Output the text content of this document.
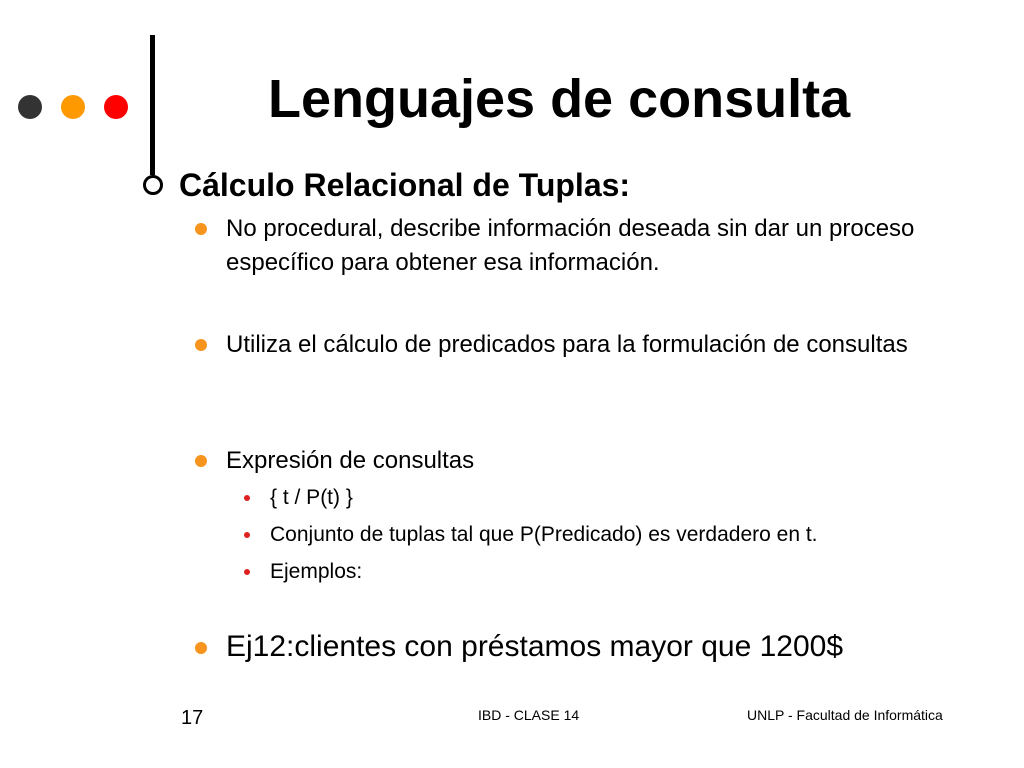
Lenguajes de consulta
Cálculo Relacional de Tuplas:
No procedural, describe información deseada sin dar un proceso específico para obtener esa información.
Utiliza el cálculo de predicados para la formulación de consultas
Expresión de consultas
{ t / P(t) }
Conjunto de tuplas tal que P(Predicado) es verdadero en t.
Ejemplos:
Ej12:clientes con préstamos mayor que 1200$
17	IBD - CLASE 14	UNLP - Facultad de Informática
